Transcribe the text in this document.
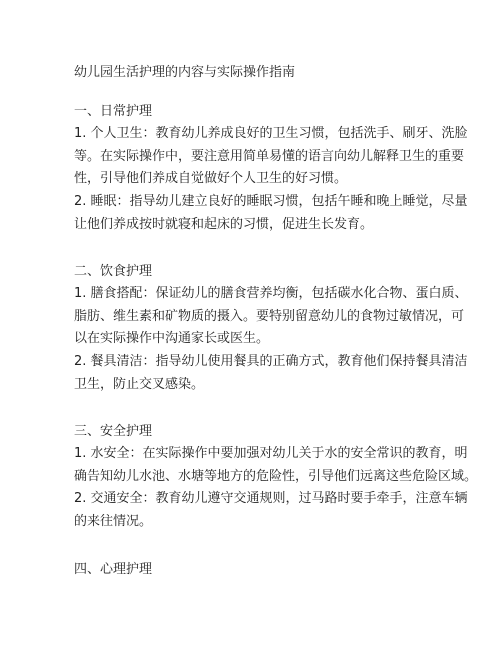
幼儿园生活护理的内容与实际操作指南
一、日常护理
1. 个人卫生：教育幼儿养成良好的卫生习惯，包括洗手、刷牙、洗脸
等。在实际操作中，要注意用简单易懂的语言向幼儿解释卫生的重要
性，引导他们养成自觉做好个人卫生的好习惯。
2. 睡眠：指导幼儿建立良好的睡眠习惯，包括午睡和晚上睡觉，尽量
让他们养成按时就寝和起床的习惯，促进生长发育。
二、饮食护理
1. 膳食搭配：保证幼儿的膳食营养均衡，包括碳水化合物、蛋白质、
脂肪、维生素和矿物质的摄入。要特别留意幼儿的食物过敏情况，可
以在实际操作中沟通家长或医生。
2. 餐具清洁：指导幼儿使用餐具的正确方式，教育他们保持餐具清洁
卫生，防止交叉感染。
三、安全护理
1. 水安全：在实际操作中要加强对幼儿关于水的安全常识的教育，明
确告知幼儿水池、水塘等地方的危险性，引导他们远离这些危险区域。
2. 交通安全：教育幼儿遵守交通规则，过马路时要手牵手，注意车辆
的来往情况。
四、心理护理
